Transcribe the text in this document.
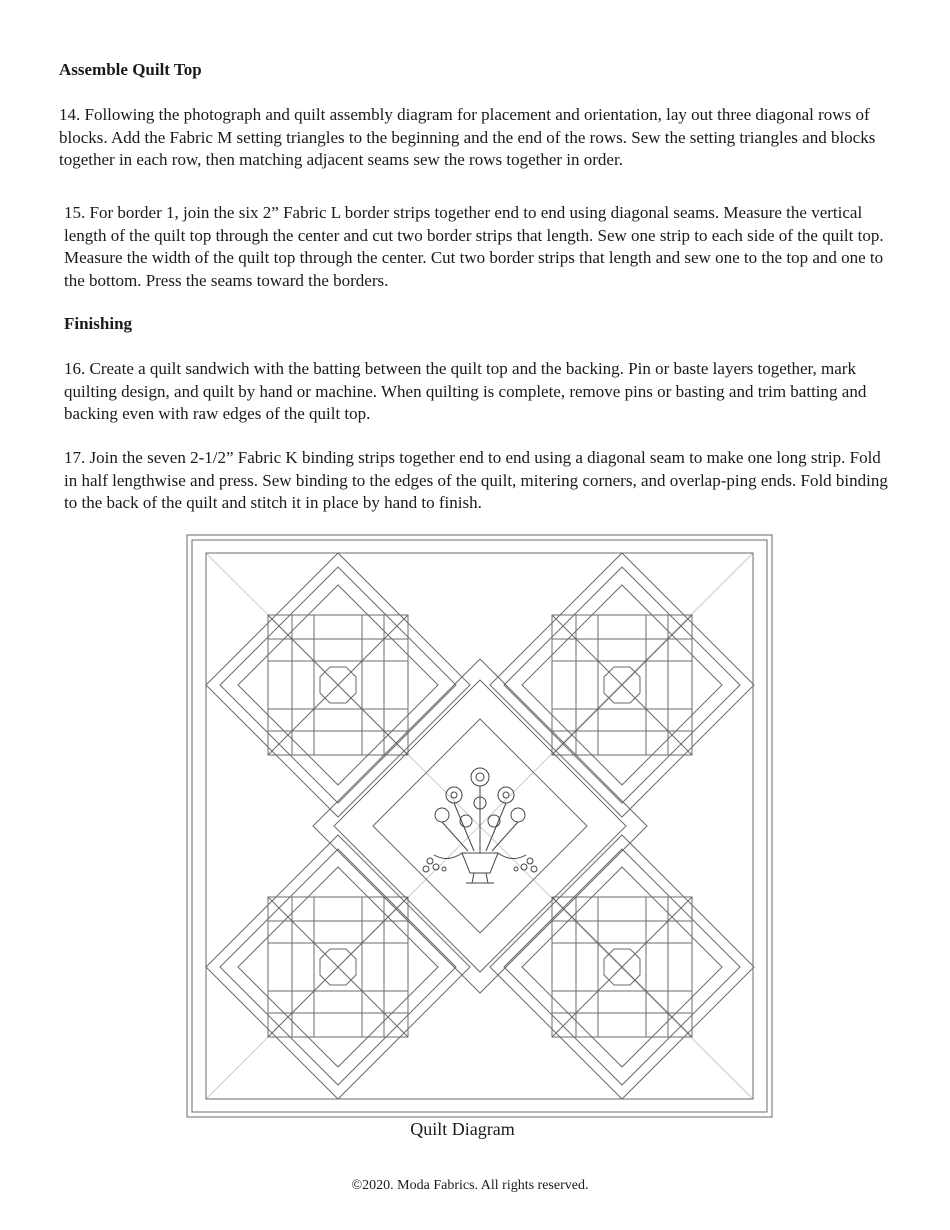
Assemble Quilt Top

14. Following the photograph and quilt assembly diagram for placement and orientation, lay out three diagonal rows of blocks. Add the Fabric M setting triangles to the beginning and the end of the rows. Sew the setting triangles and blocks together in each row, then matching adjacent seams sew the rows together in order.

15. For border 1, join the six 2” Fabric L border strips together end to end using diagonal seams. Measure the vertical length of the quilt top through the center and cut two border strips that length. Sew one strip to each side of the quilt top. Measure the width of the quilt top through the center. Cut two border strips that length and sew one to the top and one to the bottom. Press the seams toward the borders.

Finishing

16. Create a quilt sandwich with the batting between the quilt top and the backing. Pin or baste layers together, mark quilting design, and quilt by hand or machine. When quilting is complete, remove pins or basting and trim batting and backing even with raw edges of the quilt top.

17. Join the seven 2-1/2” Fabric K binding strips together end to end using a diagonal seam to make one long strip. Fold in half lengthwise and press. Sew binding to the edges of the quilt, mitering corners, and overlap-ping ends. Fold binding to the back of the quilt and stitch it in place by hand to finish.

Quilt Diagram

©2020. Moda Fabrics. All rights reserved.
